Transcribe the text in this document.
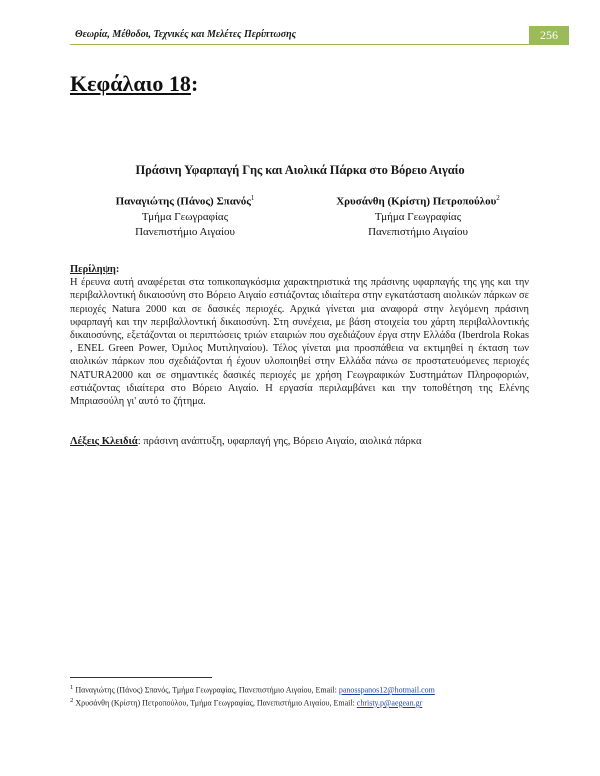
Θεωρία, Μέθοδοι, Τεχνικές και Μελέτες Περίπτωσης	256
Κεφάλαιο 18:
Πράσινη Υφαρπαγή Γης και Αιολικά Πάρκα στο Βόρειο Αιγαίο
Παναγιώτης (Πάνος) Σπανός$^1$
Τμήμα Γεωγραφίας
Πανεπιστήμιο Αιγαίου
Χρυσάνθη (Κρίστη) Πετροπούλου$^2$
Τμήμα Γεωγραφίας
Πανεπιστήμιο Αιγαίου
Περίληψη:
Η έρευνα αυτή αναφέρεται στα τοπικοπαγκόσμια χαρακτηριστικά της πράσινης υφαρπαγής της γης και την περιβαλλοντική δικαιοσύνη στο Βόρειο Αιγαίο εστιάζοντας ιδιαίτερα στην εγκατάσταση αιολικών πάρκων σε περιοχές Natura 2000 και σε δασικές περιοχές. Αρχικά γίνεται μια αναφορά στην λεγόμενη πράσινη υφαρπαγή και την περιβαλλοντική δικαιοσύνη. Στη συνέχεια, με βάση στοιχεία του χάρτη περιβαλλοντικής δικαιοσύνης, εξετάζονται οι περιπτώσεις τριών εταιριών που σχεδιάζουν έργα στην Ελλάδα (Iberdrola Rokas , ENEL Green Power, Όμιλος Μυτιληναίου). Τέλος γίνεται μια προσπάθεια να εκτιμηθεί η έκταση των αιολικών πάρκων που σχεδιάζονται ή έχουν υλοποιηθεί στην Ελλάδα πάνω σε προστατευόμενες περιοχές NATURA2000 και σε σημαντικές δασικές περιοχές με χρήση Γεωγραφικών Συστημάτων Πληροφοριών, εστιάζοντας ιδιαίτερα στο Βόρειο Αιγαίο. Η εργασία περιλαμβάνει και την τοποθέτηση της Ελένης Μπριασούλη γι' αυτό το ζήτημα.
Λέξεις Κλειδιά: πράσινη ανάπτυξη, υφαρπαγή γης, Βόρειο Αιγαίο, αιολικά πάρκα
$^1$ Παναγιώτης (Πάνος) Σπανός, Τμήμα Γεωγραφίας, Πανεπιστήμιο Αιγαίου, Email: panosspanos12@hotmail.com
$^2$ Χρυσάνθη (Κρίστη) Πετροπούλου, Τμήμα Γεωγραφίας, Πανεπιστήμιο Αιγαίου, Email: christy.p@aegean.gr
